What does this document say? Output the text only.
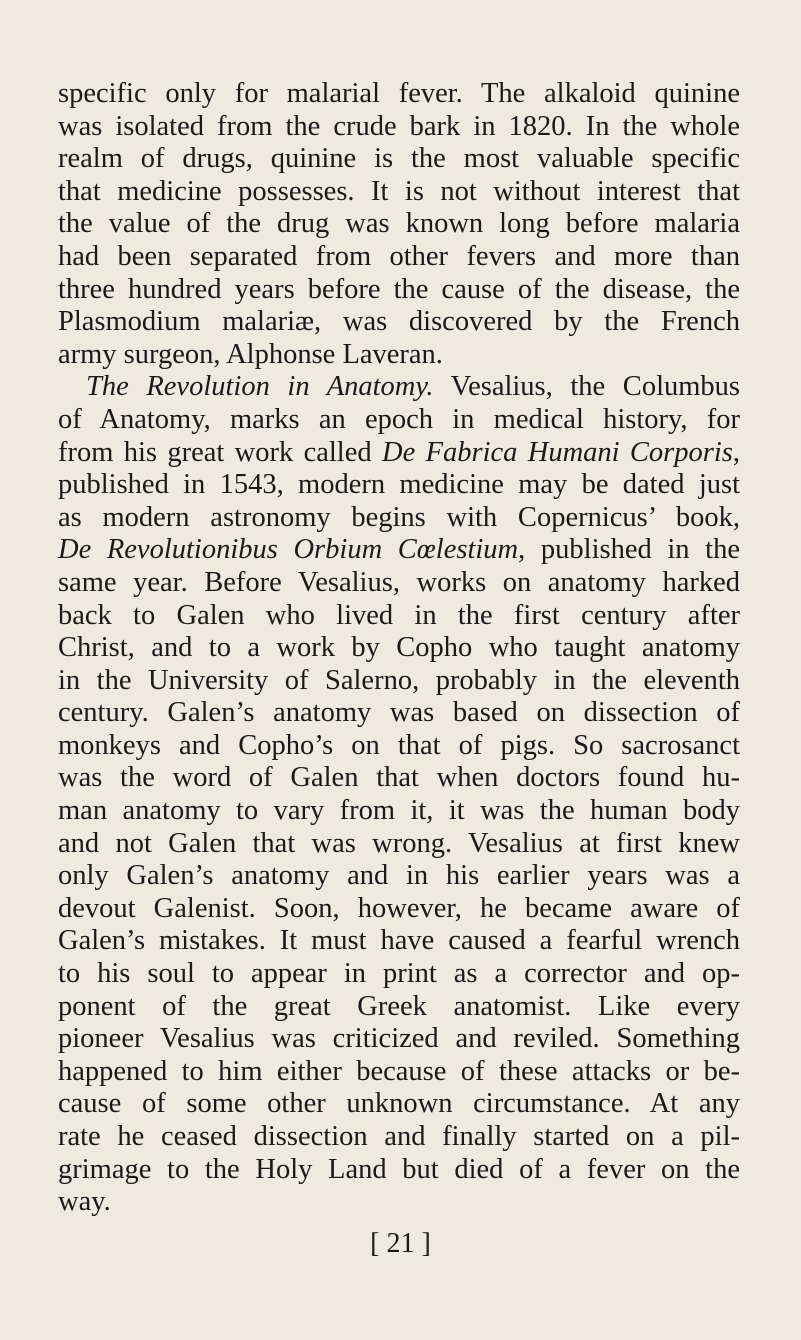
specific only for malarial fever. The alkaloid quinine
was isolated from the crude bark in 1820. In the whole
realm of drugs, quinine is the most valuable specific
that medicine possesses. It is not without interest that
the value of the drug was known long before malaria
had been separated from other fevers and more than
three hundred years before the cause of the disease, the
Plasmodium malariæ, was discovered by the French
army surgeon, Alphonse Laveran.
The Revolution in Anatomy. Vesalius, the Columbus
of Anatomy, marks an epoch in medical history, for
from his great work called De Fabrica Humani Corporis,
published in 1543, modern medicine may be dated just
as modern astronomy begins with Copernicus’ book,
De Revolutionibus Orbium Cœlestium, published in the
same year. Before Vesalius, works on anatomy harked
back to Galen who lived in the first century after
Christ, and to a work by Copho who taught anatomy
in the University of Salerno, probably in the eleventh
century. Galen’s anatomy was based on dissection of
monkeys and Copho’s on that of pigs. So sacrosanct
was the word of Galen that when doctors found hu-
man anatomy to vary from it, it was the human body
and not Galen that was wrong. Vesalius at first knew
only Galen’s anatomy and in his earlier years was a
devout Galenist. Soon, however, he became aware of
Galen’s mistakes. It must have caused a fearful wrench
to his soul to appear in print as a corrector and op-
ponent of the great Greek anatomist. Like every
pioneer Vesalius was criticized and reviled. Something
happened to him either because of these attacks or be-
cause of some other unknown circumstance. At any
rate he ceased dissection and finally started on a pil-
grimage to the Holy Land but died of a fever on the
way.
[ 21 ]
